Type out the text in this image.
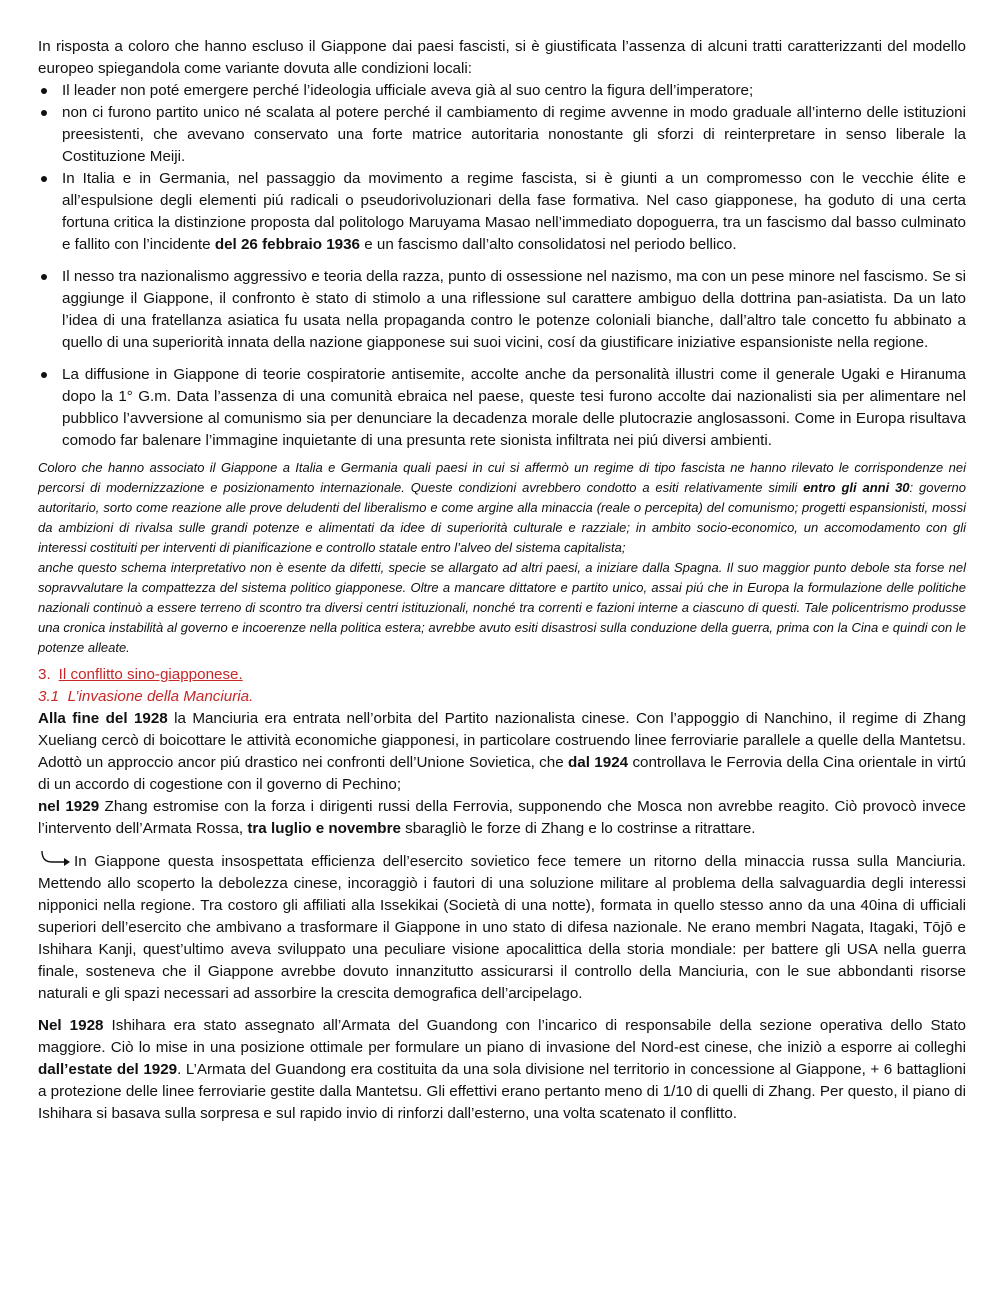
In risposta a coloro che hanno escluso il Giappone dai paesi fascisti, si è giustificata l’assenza di alcuni tratti caratterizzanti del modello europeo spiegandola come variante dovuta alle condizioni locali:

Il leader non poté emergere perché l’ideologia ufficiale aveva già al suo centro la figura dell’imperatore;
non ci furono partito unico né scalata al potere perché il cambiamento di regime avvenne in modo graduale all’interno delle istituzioni preesistenti, che avevano conservato una forte matrice autoritaria nonostante gli sforzi di reinterpretare in senso liberale la Costituzione Meiji.
In Italia e in Germania, nel passaggio da movimento a regime fascista, si è giunti a un compromesso con le vecchie élite e all’espulsione degli elementi piú radicali o pseudorivoluzionari della fase formativa. Nel caso giapponese, ha goduto di una certa fortuna critica la distinzione proposta dal politologo Maruyama Masao nell’immediato dopoguerra, tra un fascismo dal basso culminato e fallito con l’incidente del 26 febbraio 1936 e un fascismo dall’alto consolidatosi nel periodo bellico.
Il nesso tra nazionalismo aggressivo e teoria della razza, punto di ossessione nel nazismo, ma con un pese minore nel fascismo. Se si aggiunge il Giappone, il confronto è stato di stimolo a una riflessione sul carattere ambiguo della dottrina pan-asiatista. Da un lato l’idea di una fratellanza asiatica fu usata nella propaganda contro le potenze coloniali bianche, dall’altro tale concetto fu abbinato a quello di una superiorità innata della nazione giapponese sui suoi vicini, cosí da giustificare iniziative espansioniste nella regione.
La diffusione in Giappone di teorie cospiratorie antisemite, accolte anche da personalità illustri come il generale Ugaki e Hiranuma dopo la 1° G.m. Data l’assenza di una comunità ebraica nel paese, queste tesi furono accolte dai nazionalisti sia per alimentare nel pubblico l’avversione al comunismo sia per denunciare la decadenza morale delle plutocrazie anglosassoni. Come in Europa risultava comodo far balenare l’immagine inquietante di una presunta rete sionista infiltrata nei piú diversi ambienti.

Coloro che hanno associato il Giappone a Italia e Germania quali paesi in cui si affermò un regime di tipo fascista ne hanno rilevato le corrispondenze nei percorsi di modernizzazione e posizionamento internazionale. Queste condizioni avrebbero condotto a esiti relativamente simili entro gli anni 30: governo autoritario, sorto come reazione alle prove deludenti del liberalismo e come argine alla minaccia (reale o percepita) del comunismo; progetti espansionisti, mossi da ambizioni di rivalsa sulle grandi potenze e alimentati da idee di superiorità culturale e razziale; in ambito socio-economico, un accomodamento con gli interessi costituiti per interventi di pianificazione e controllo statale entro l’alveo del sistema capitalista;

anche questo schema interpretativo non è esente da difetti, specie se allargato ad altri paesi, a iniziare dalla Spagna. Il suo maggior punto debole sta forse nel sopravvalutare la compattezza del sistema politico giapponese. Oltre a mancare dittatore e partito unico, assai piú che in Europa la formulazione delle politiche nazionali continuò a essere terreno di scontro tra diversi centri istituzionali, nonché tra correnti e fazioni interne a ciascuno di questi. Tale policentrismo produsse una cronica instabilità al governo e incoerenze nella politica estera; avrebbe avuto esiti disastrosi sulla conduzione della guerra, prima con la Cina e quindi con le potenze alleate.

3. Il conflitto sino-giapponese.

3.1 L’invasione della Manciuria.

Alla fine del 1928 la Manciuria era entrata nell’orbita del Partito nazionalista cinese. Con l’appoggio di Nanchino, il regime di Zhang Xueliang cercò di boicottare le attività economiche giapponesi, in particolare costruendo linee ferroviarie parallele a quelle della Mantetsu. Adottò un approccio ancor piú drastico nei confronti dell’Unione Sovietica, che dal 1924 controllava le Ferrovia della Cina orientale in virtú di un accordo di cogestione con il governo di Pechino;

nel 1929 Zhang estromise con la forza i dirigenti russi della Ferrovia, supponendo che Mosca non avrebbe reagito. Ciò provocò invece l’intervento dell’Armata Rossa, tra luglio e novembre sbaragliò le forze di Zhang e lo costrinse a ritrattare.

In Giappone questa insospettata efficienza dell’esercito sovietico fece temere un ritorno della minaccia russa sulla Manciuria. Mettendo allo scoperto la debolezza cinese, incoraggiò i fautori di una soluzione militare al problema della salvaguardia degli interessi nipponici nella regione. Tra costoro gli affiliati alla Issekikai (Società di una notte), formata in quello stesso anno da una 40ina di ufficiali superiori dell’esercito che ambivano a trasformare il Giappone in uno stato di difesa nazionale. Ne erano membri Nagata, Itagaki, Tōjō e Ishihara Kanji, quest’ultimo aveva sviluppato una peculiare visione apocalittica della storia mondiale: per battere gli USA nella guerra finale, sosteneva che il Giappone avrebbe dovuto innanzitutto assicurarsi il controllo della Manciuria, con le sue abbondanti risorse naturali e gli spazi necessari ad assorbire la crescita demografica dell’arcipelago.

Nel 1928 Ishihara era stato assegnato all’Armata del Guandong con l’incarico di responsabile della sezione operativa dello Stato maggiore. Ciò lo mise in una posizione ottimale per formulare un piano di invasione del Nord-est cinese, che iniziò a esporre ai colleghi dall’estate del 1929. L’Armata del Guandong era costituita da una sola divisione nel territorio in concessione al Giappone, + 6 battaglioni a protezione delle linee ferroviarie gestite dalla Mantetsu. Gli effettivi erano pertanto meno di 1/10 di quelli di Zhang. Per questo, il piano di Ishihara si basava sulla sorpresa e sul rapido invio di rinforzi dall’esterno, una volta scatenato il conflitto.
